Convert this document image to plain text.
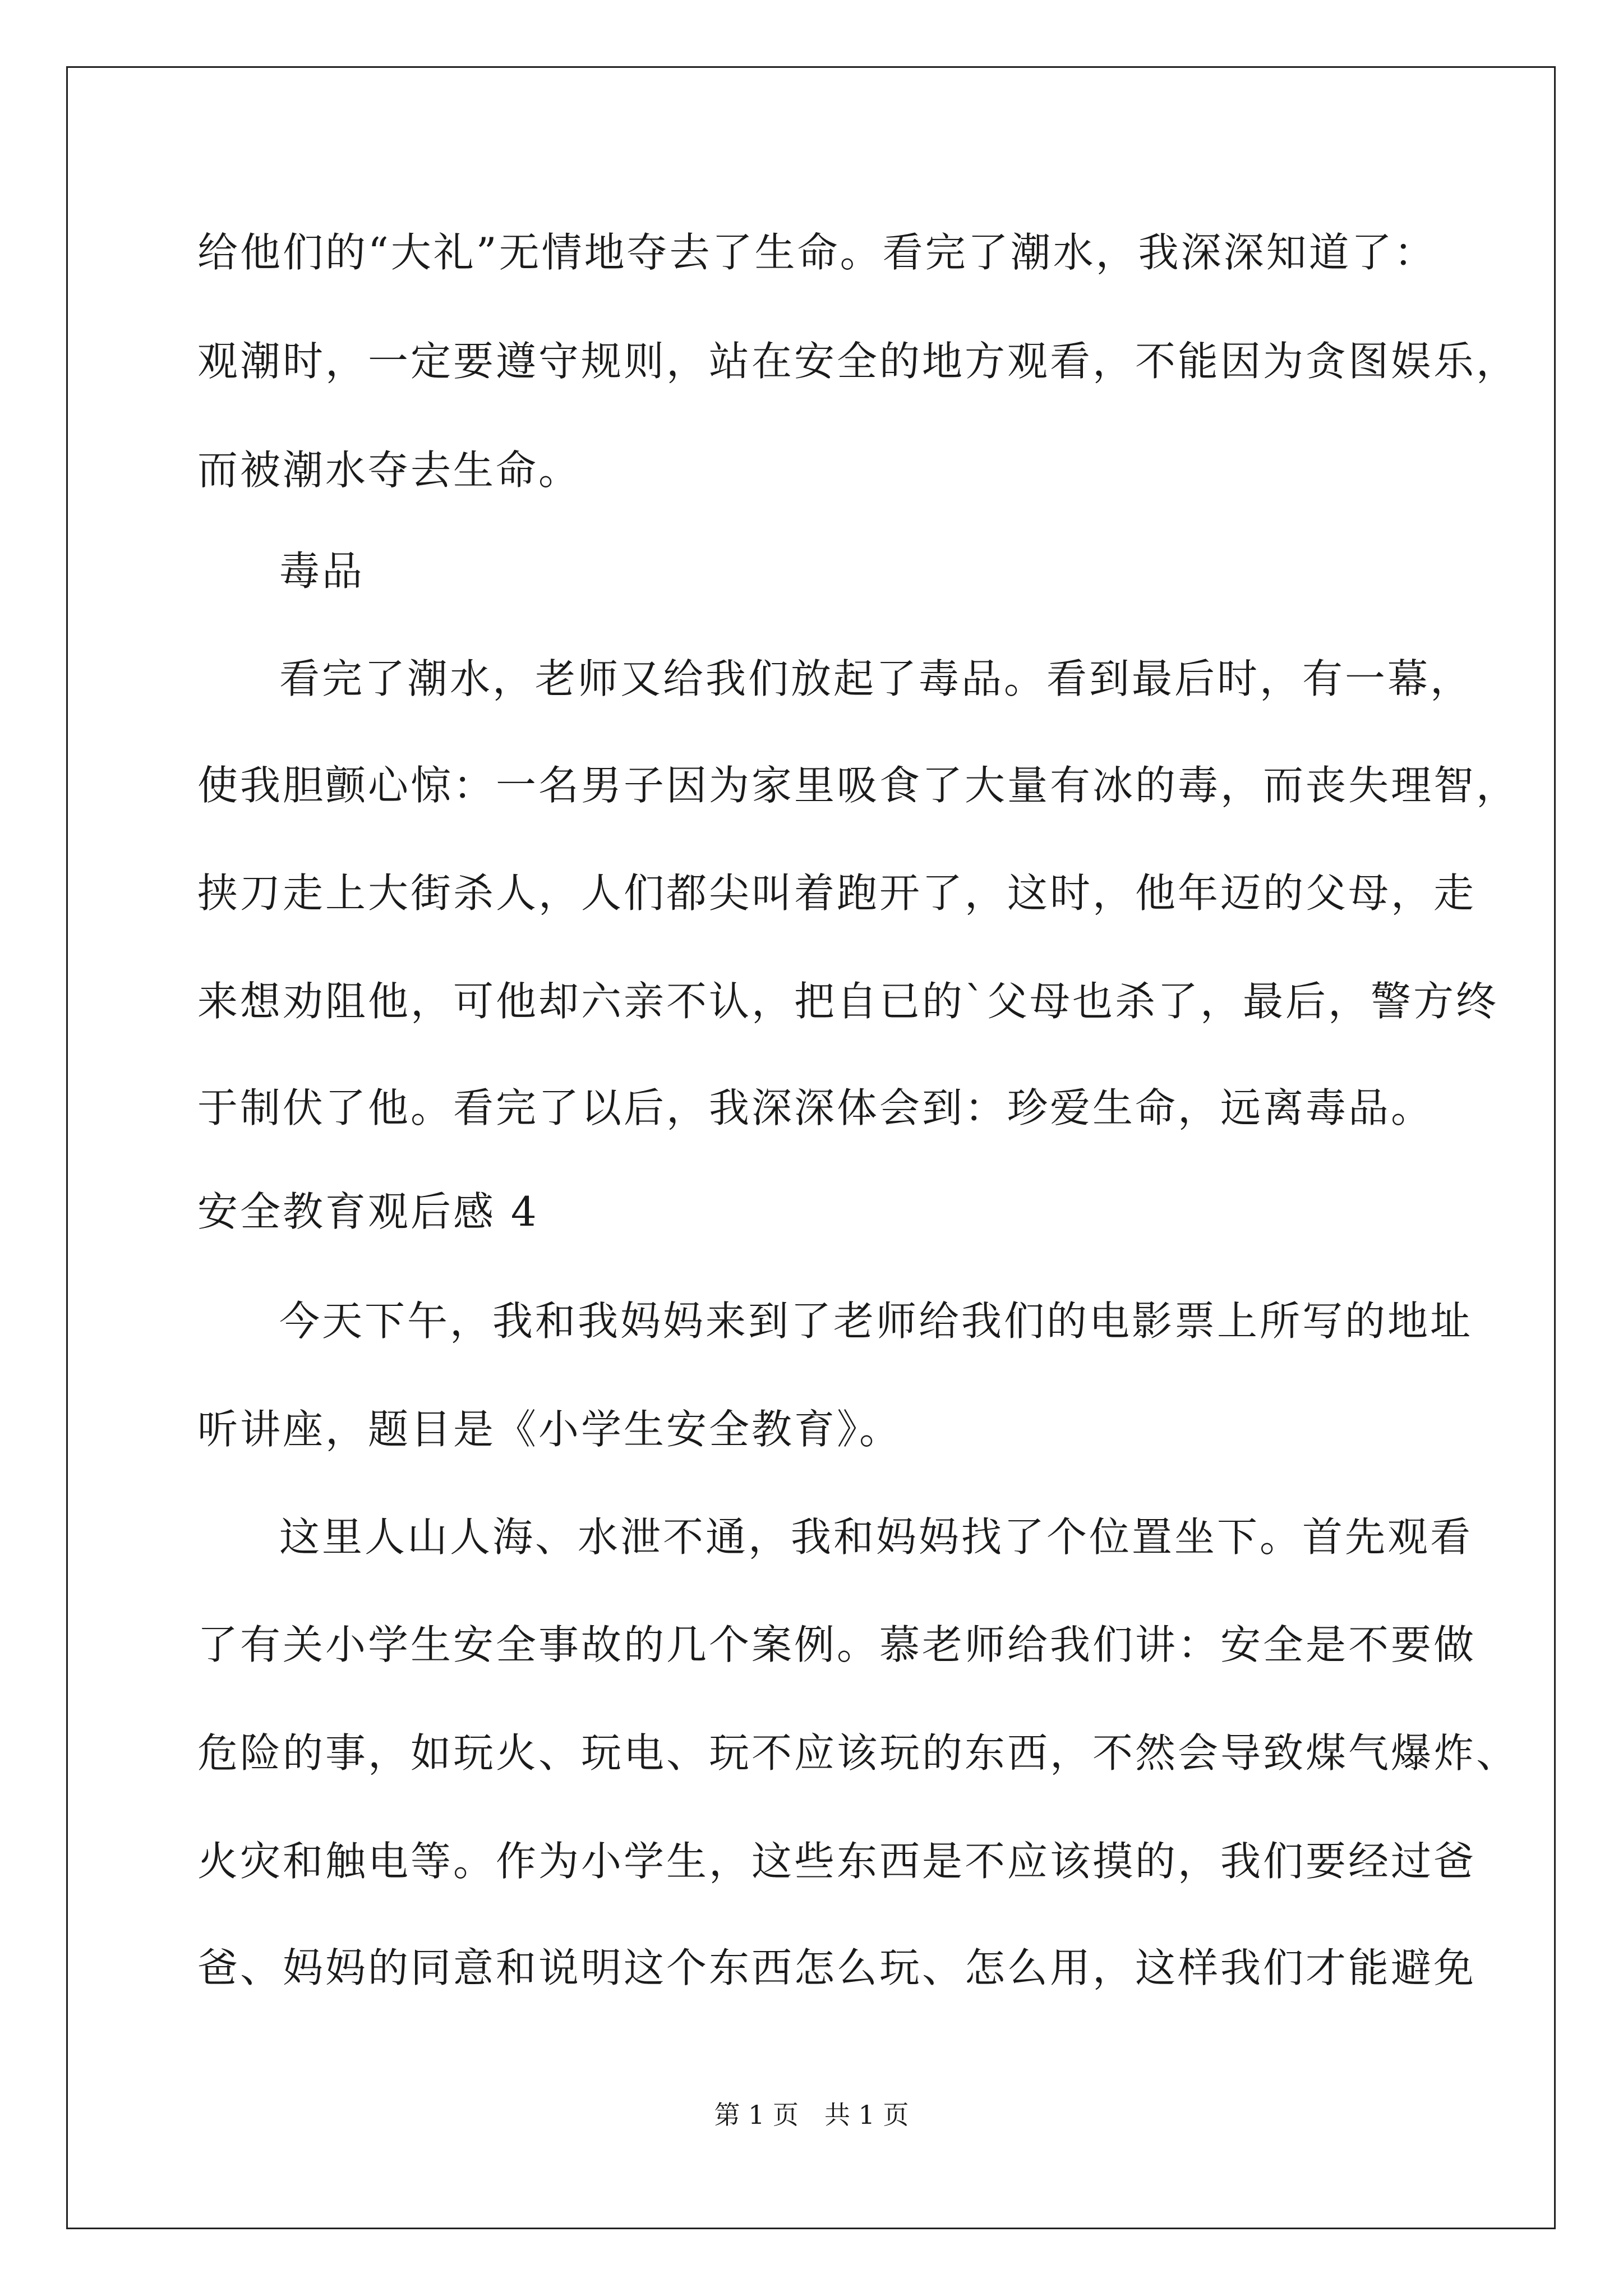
给他们的“大礼”无情地夺去了生命。看完了潮水，我深深知道了：
观潮时，一定要遵守规则，站在安全的地方观看，不能因为贪图娱乐，
而被潮水夺去生命。
毒品
看完了潮水，老师又给我们放起了毒品。看到最后时，有一幕，
使我胆颤心惊：一名男子因为家里吸食了大量有冰的毒，而丧失理智，
挟刀走上大街杀人，人们都尖叫着跑开了，这时，他年迈的父母，走
来想劝阻他，可他却六亲不认，把自已的`父母也杀了，最后，警方终
于制伏了他。看完了以后，我深深体会到：珍爱生命，远离毒品。
安全教育观后感 4
今天下午，我和我妈妈来到了老师给我们的电影票上所写的地址
听讲座，题目是《小学生安全教育》。
这里人山人海、水泄不通，我和妈妈找了个位置坐下。首先观看
了有关小学生安全事故的几个案例。慕老师给我们讲：安全是不要做
危险的事，如玩火、玩电、玩不应该玩的东西，不然会导致煤气爆炸、
火灾和触电等。作为小学生，这些东西是不应该摸的，我们要经过爸
爸、妈妈的同意和说明这个东西怎么玩、怎么用，这样我们才能避免
第 1 页　共 1 页
